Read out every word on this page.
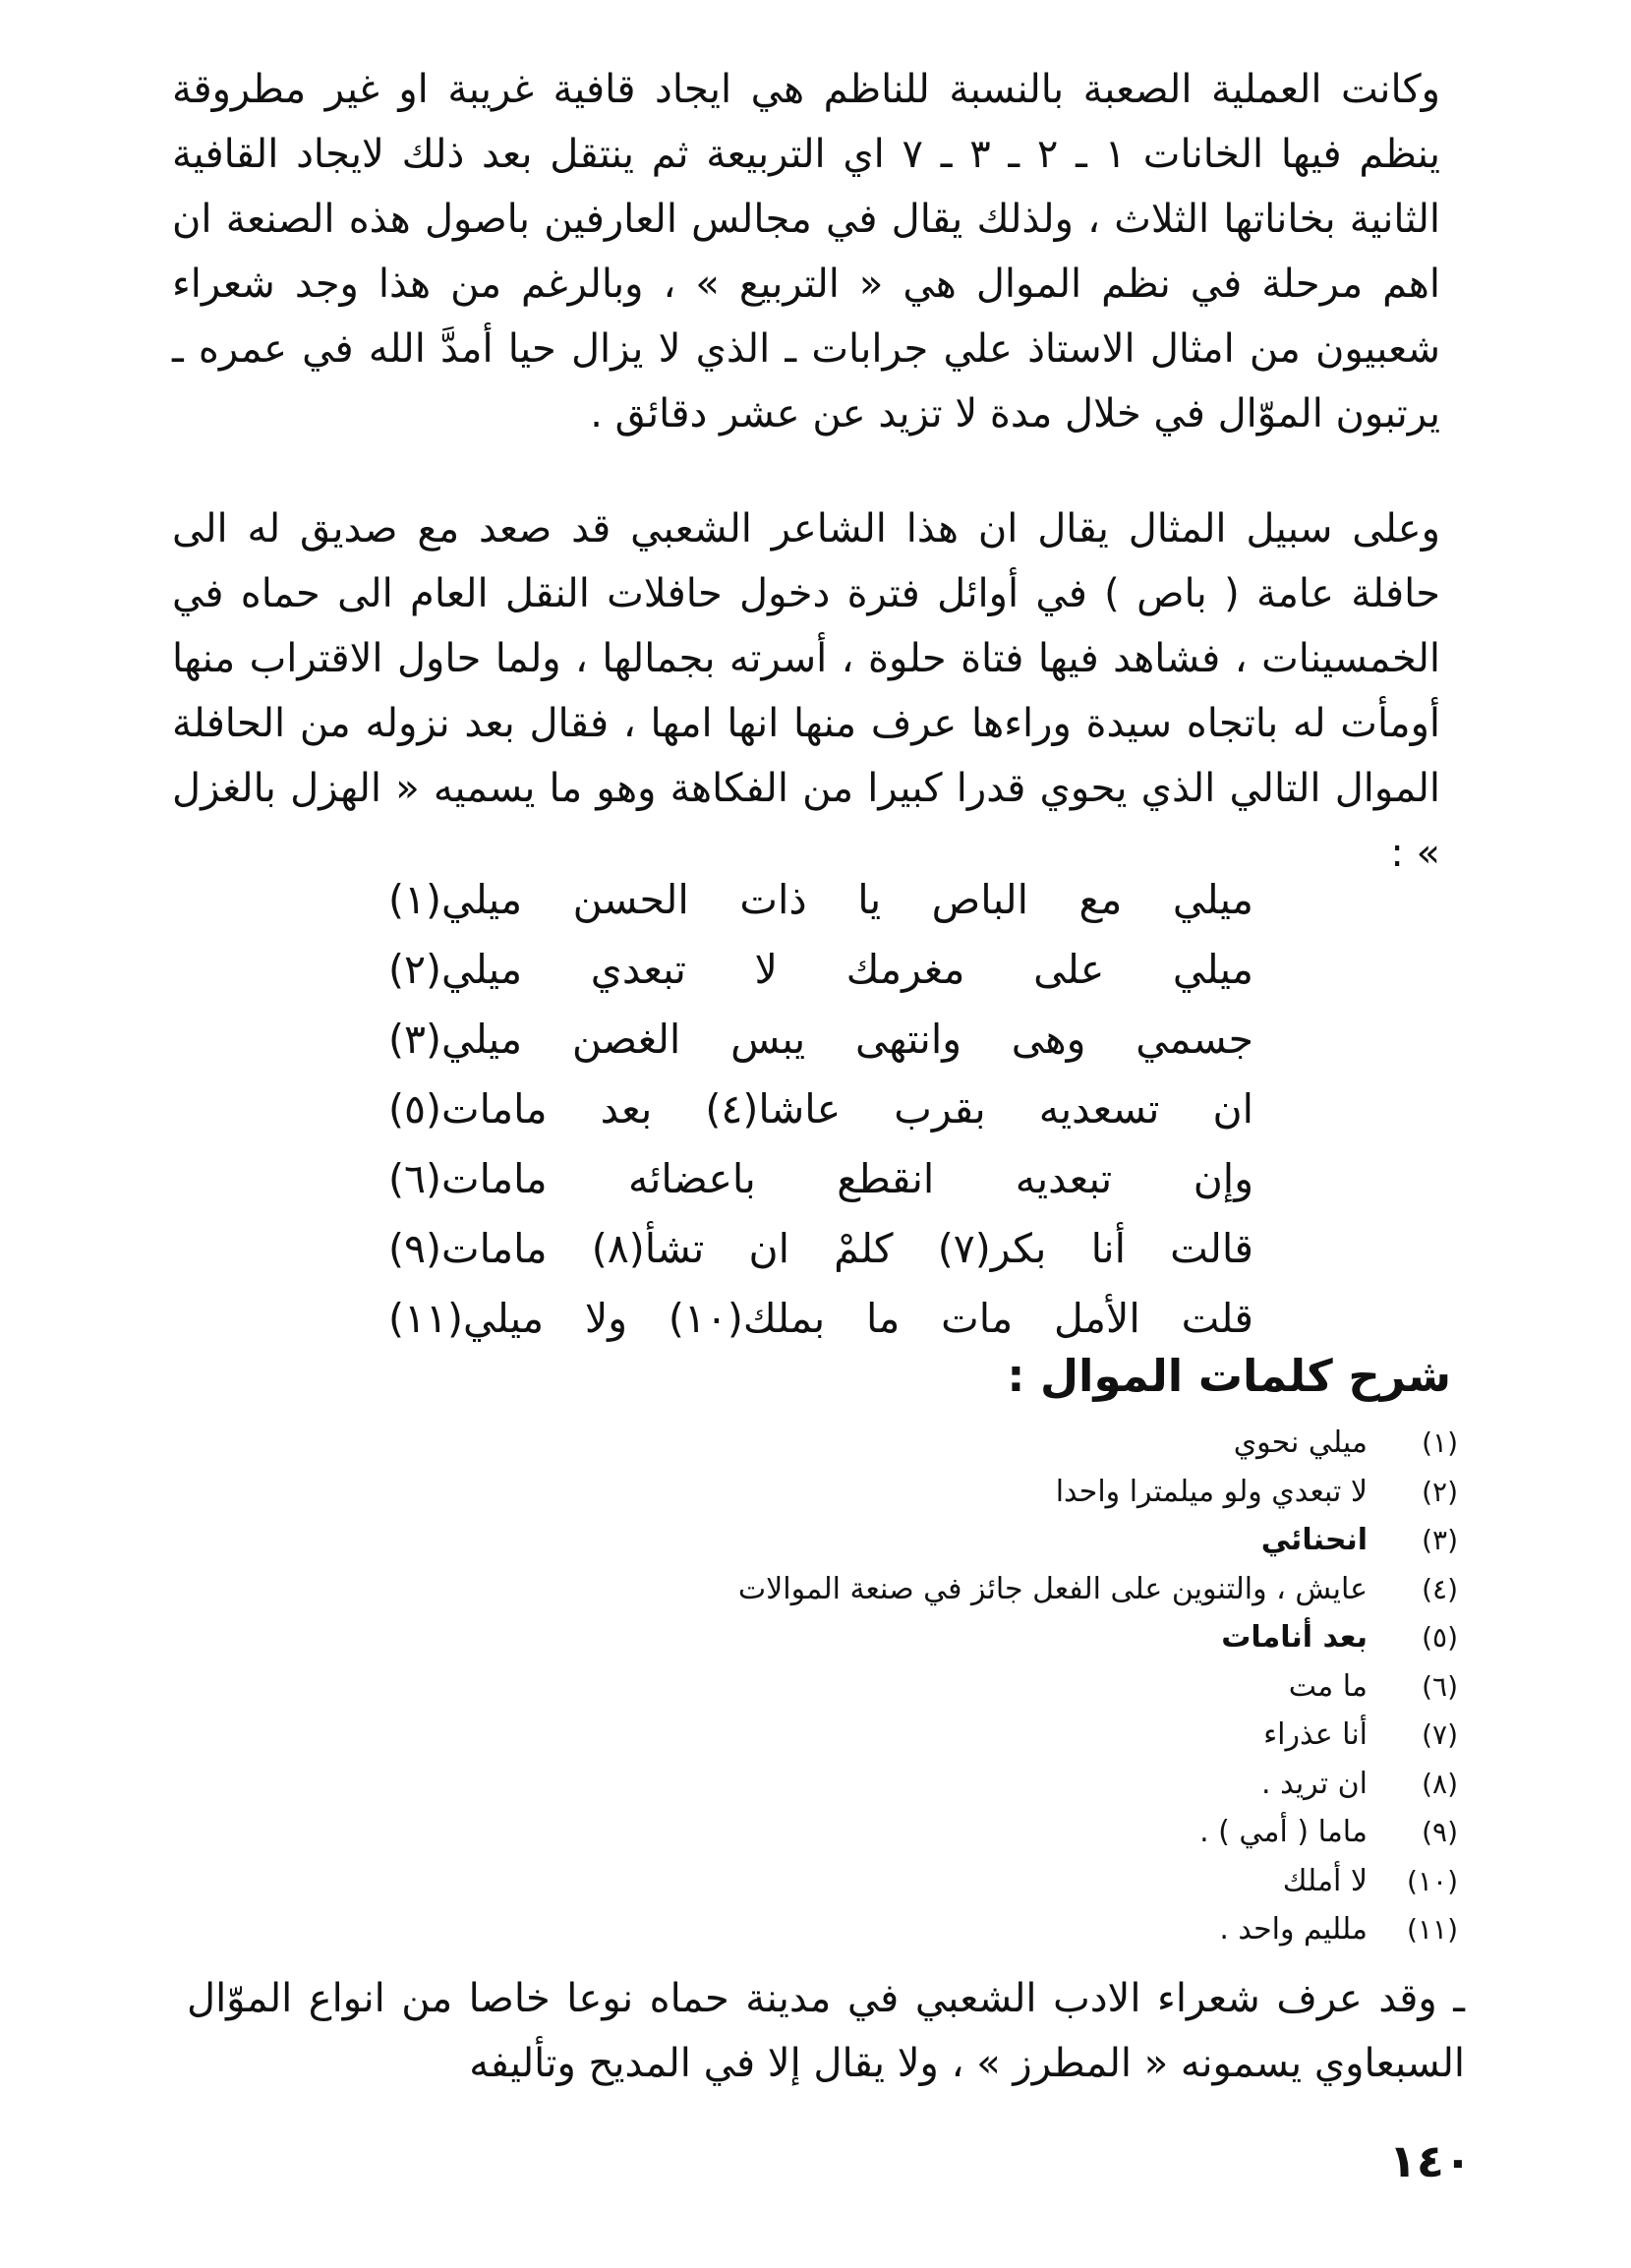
وكانت العملية الصعبة بالنسبة للناظم هي ايجاد قافية غريبة او غير مطروقة ينظم فيها الخانات ١ ـ ٢ ـ ٣ ـ ٧ اي التربيعة ثم ينتقل بعد ذلك لايجاد القافية الثانية بخاناتها الثلاث ، ولذلك يقال في مجالس العارفين باصول هذه الصنعة ان اهم مرحلة في نظم الموال هي « التربيع » ، وبالرغم من هذا وجد شعراء شعبيون من امثال الاستاذ علي جرابات ـ الذي لا يزال حيا أمدَّ الله في عمره ـ يرتبون الموّال في خلال مدة لا تزيد عن عشر دقائق .

وعلى سبيل المثال يقال ان هذا الشاعر الشعبي قد صعد مع صديق له الى حافلة عامة ( باص ) في أوائل فترة دخول حافلات النقل العام الى حماه في الخمسينات ، فشاهد فيها فتاة حلوة ، أسرته بجمالها ، ولما حاول الاقتراب منها أومأت له باتجاه سيدة وراءها عرف منها انها امها ، فقال بعد نزوله من الحافلة الموال التالي الذي يحوي قدرا كبيرا من الفكاهة وهو ما يسميه « الهزل بالغزل » :

ميلي مع الباص يا ذات الحسن ميلي(١)
ميلي على مغرمك لا تبعدي ميلي(٢)
جسمي وهى وانتهى يبس الغصن ميلي(٣)
ان تسعديه بقرب عاشا(٤) بعد مامات(٥)
وإن تبعديه انقطع باعضائه مامات(٦)
قالت أنا بكر(٧) كلمْ ان تشأ(٨) مامات(٩)
قلت الأمل مات ما بملك(١٠) ولا ميلي(١١)
شرح كلمات الموال :
(١)
ميلي نحوي
(٢)
لا تبعدي ولو ميلمترا واحدا
(٣)
انحنائي
(٤)
عايش ، والتنوين على الفعل جائز في صنعة الموالات
(٥)
بعد أنامات
(٦)
ما مت
(٧)
أنا عذراء
(٨)
ان تريد .
(٩)
ماما ( أمي ) .
(١٠)
لا أملك
(١١)
ملليم واحد .

ـ وقد عرف شعراء الادب الشعبي في مدينة حماه نوعا خاصا من انواع الموّال السبعاوي يسمونه « المطرز » ، ولا يقال إلا في المديح وتأليفه

١٤٠
